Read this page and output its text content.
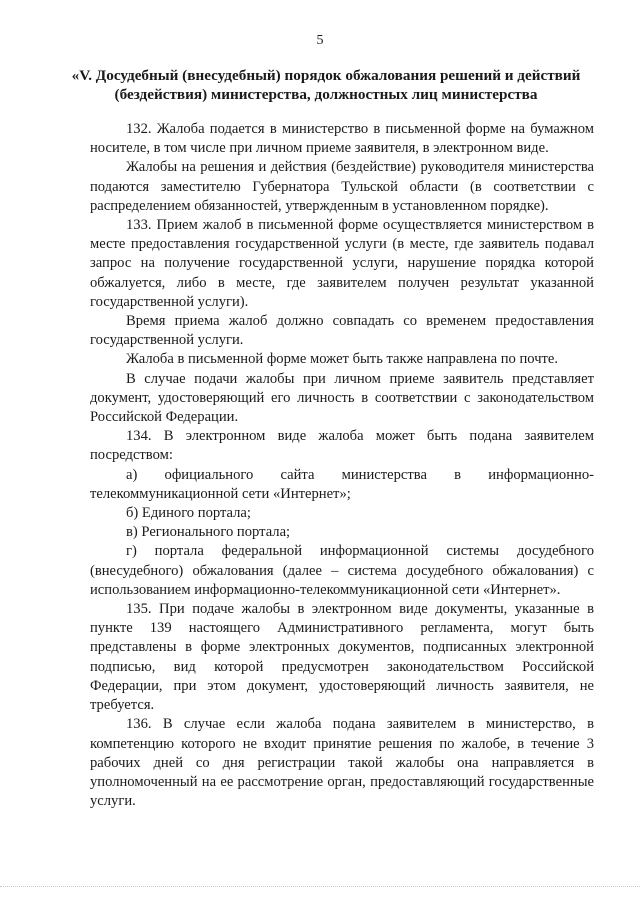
5
«V. Досудебный (внесудебный) порядок обжалования решений и действий (бездействия) министерства, должностных лиц министерства

132. Жалоба подается в министерство в письменной форме на бумажном носителе, в том числе при личном приеме заявителя, в электронном виде.

Жалобы на решения и действия (бездействие) руководителя министерства подаются заместителю Губернатора Тульской области (в соответствии с распределением обязанностей, утвержденным в установленном порядке).

133. Прием жалоб в письменной форме осуществляется министерством в месте предоставления государственной услуги (в месте, где заявитель подавал запрос на получение государственной услуги, нарушение порядка которой обжалуется, либо в месте, где заявителем получен результат указанной государственной услуги).

Время приема жалоб должно совпадать со временем предоставления государственной услуги.

Жалоба в письменной форме может быть также направлена по почте.

В случае подачи жалобы при личном приеме заявитель представляет документ, удостоверяющий его личность в соответствии с законодательством Российской Федерации.

134. В электронном виде жалоба может быть подана заявителем посредством:

а) официального сайта министерства в информационно-телекоммуникационной сети «Интернет»;

б) Единого портала;

в) Регионального портала;

г) портала федеральной информационной системы досудебного (внесудебного) обжалования (далее – система досудебного обжалования) с использованием информационно-телекоммуникационной сети «Интернет».

135. При подаче жалобы в электронном виде документы, указанные в пункте 139 настоящего Административного регламента, могут быть представлены в форме электронных документов, подписанных электронной подписью, вид которой предусмотрен законодательством Российской Федерации, при этом документ, удостоверяющий личность заявителя, не требуется.

136. В случае если жалоба подана заявителем в министерство, в компетенцию которого не входит принятие решения по жалобе, в течение 3 рабочих дней со дня регистрации такой жалобы она направляется в уполномоченный на ее рассмотрение орган, предоставляющий государственные услуги.
